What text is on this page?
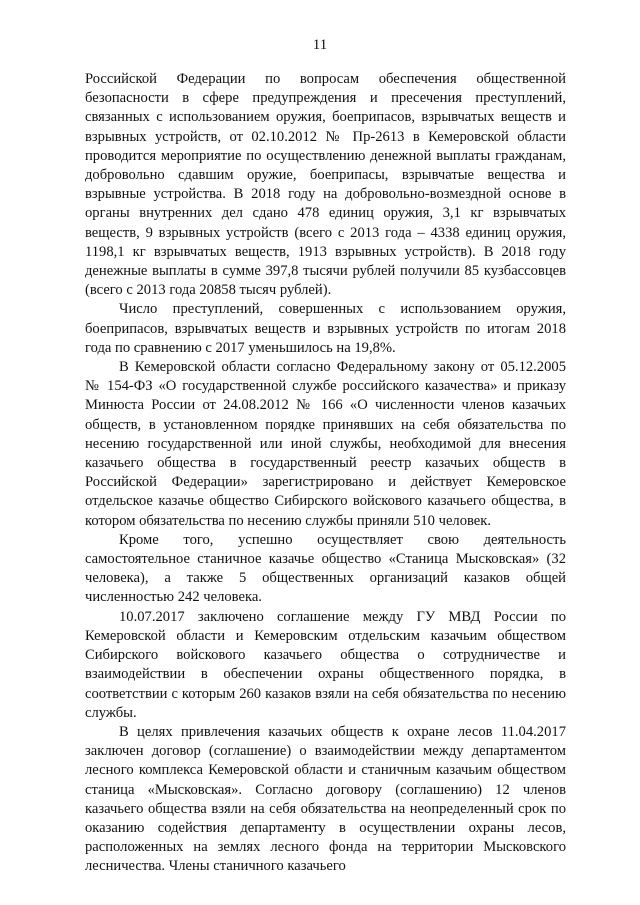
11

Российской Федерации по вопросам обеспечения общественной безопасности в сфере предупреждения и пресечения преступлений, связанных с использованием оружия, боеприпасов, взрывчатых веществ и взрывных устройств, от 02.10.2012 № Пр-2613 в Кемеровской области проводится мероприятие по осуществлению денежной выплаты гражданам, добровольно сдавшим оружие, боеприпасы, взрывчатые вещества и взрывные устройства. В 2018 году на добровольно-возмездной основе в органы внутренних дел сдано 478 единиц оружия, 3,1 кг взрывчатых веществ, 9 взрывных устройств (всего с 2013 года – 4338 единиц оружия, 1198,1 кг взрывчатых веществ, 1913 взрывных устройств). В 2018 году денежные выплаты в сумме 397,8 тысячи рублей получили 85 кузбассовцев (всего с 2013 года 20858 тысяч рублей).

Число преступлений, совершенных с использованием оружия, боеприпасов, взрывчатых веществ и взрывных устройств по итогам 2018 года по сравнению с 2017 уменьшилось на 19,8%.

В Кемеровской области согласно Федеральному закону от 05.12.2005 № 154-ФЗ «О государственной службе российского казачества» и приказу Минюста России от 24.08.2012 № 166 «О численности членов казачьих обществ, в установленном порядке принявших на себя обязательства по несению государственной или иной службы, необходимой для внесения казачьего общества в государственный реестр казачьих обществ в Российской Федерации» зарегистрировано и действует Кемеровское отдельское казачье общество Сибирского войскового казачьего общества, в котором обязательства по несению службы приняли 510 человек.

Кроме того, успешно осуществляет свою деятельность самостоятельное станичное казачье общество «Станица Мысковская» (32 человека), а также 5 общественных организаций казаков общей численностью 242 человека.

10.07.2017 заключено соглашение между ГУ МВД России по Кемеровской области и Кемеровским отдельским казачьим обществом Сибирского войскового казачьего общества о сотрудничестве и взаимодействии в обеспечении охраны общественного порядка, в соответствии с которым 260 казаков взяли на себя обязательства по несению службы.

В целях привлечения казачьих обществ к охране лесов 11.04.2017 заключен договор (соглашение) о взаимодействии между департаментом лесного комплекса Кемеровской области и станичным казачьим обществом станица «Мысковская». Согласно договору (соглашению) 12 членов казачьего общества взяли на себя обязательства на неопределенный срок по оказанию содействия департаменту в осуществлении охраны лесов, расположенных на землях лесного фонда на территории Мысковского лесничества. Члены станичного казачьего
